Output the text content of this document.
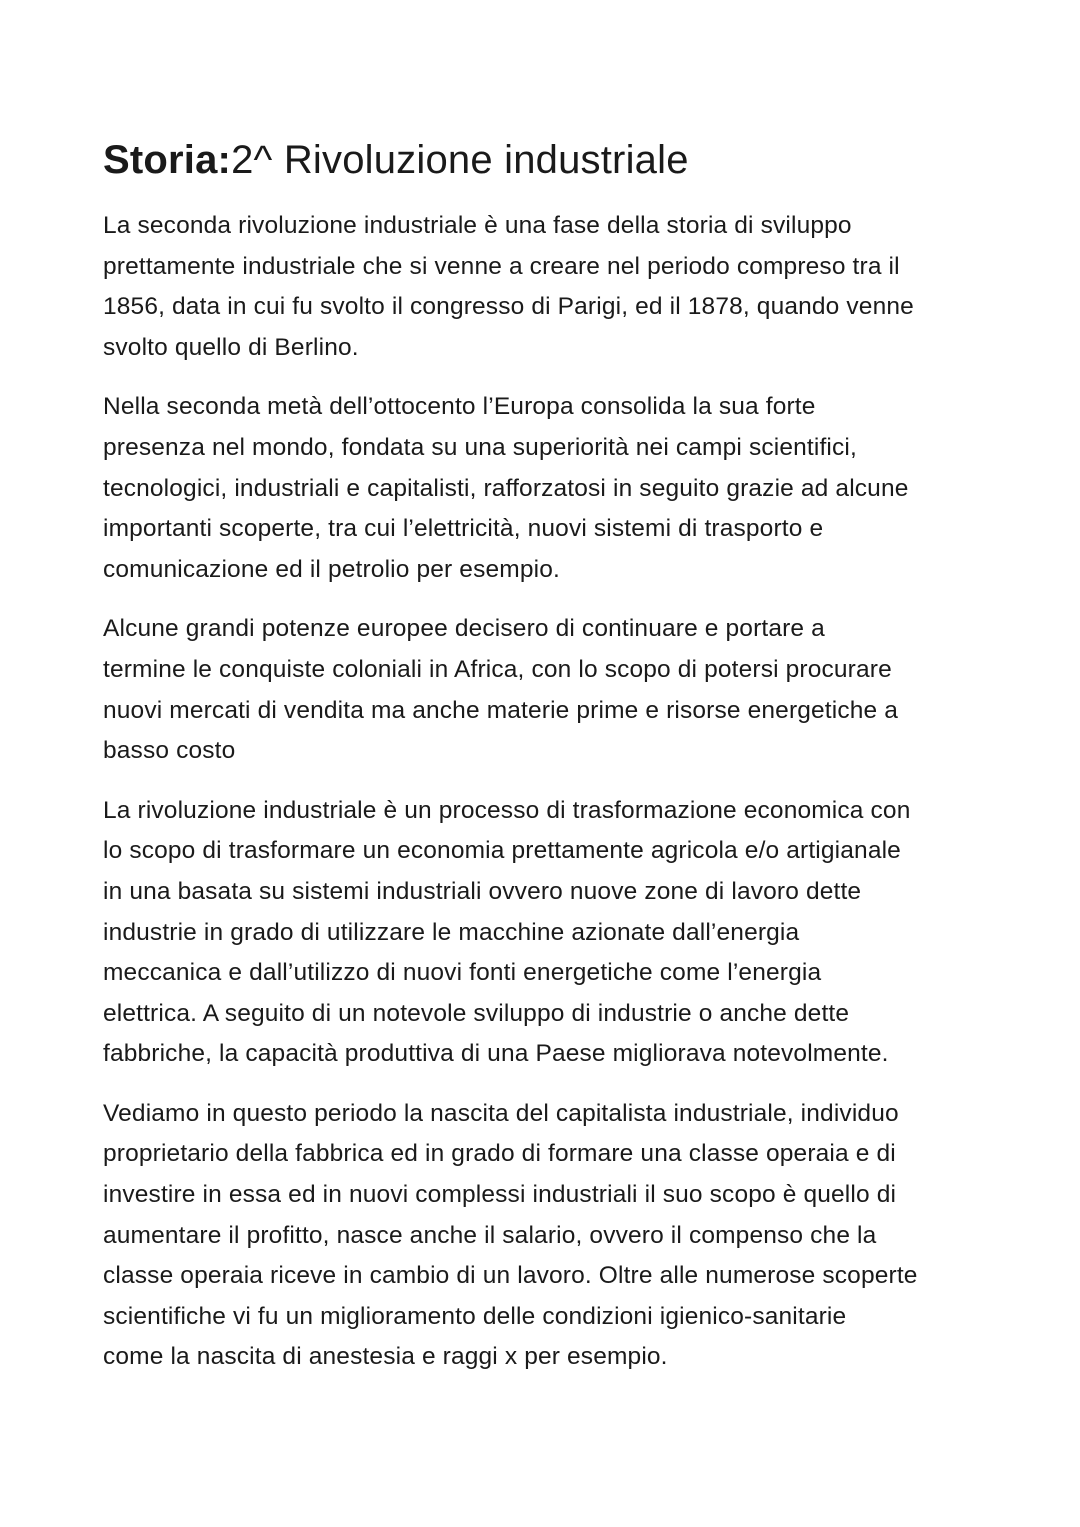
Storia:2^ Rivoluzione industriale

La seconda rivoluzione industriale è una fase della storia di sviluppo
prettamente industriale che si venne a creare nel periodo compreso tra il
1856, data in cui fu svolto il congresso di Parigi, ed il 1878, quando venne
svolto quello di Berlino.

Nella seconda metà dell’ottocento l’Europa consolida la sua forte
presenza nel mondo, fondata su una superiorità nei campi scientifici,
tecnologici, industriali e capitalisti, rafforzatosi in seguito grazie ad alcune
importanti scoperte, tra cui l’elettricità, nuovi sistemi di trasporto e
comunicazione ed il petrolio per esempio.

Alcune grandi potenze europee decisero di continuare e portare a
termine le conquiste coloniali in Africa, con lo scopo di potersi procurare
nuovi mercati di vendita ma anche materie prime e risorse energetiche a
basso costo

La rivoluzione industriale è un processo di trasformazione economica con
lo scopo di trasformare un economia prettamente agricola e/o artigianale
in una basata su sistemi industriali ovvero nuove zone di lavoro dette
industrie in grado di utilizzare le macchine azionate dall’energia
meccanica e dall’utilizzo di nuovi fonti energetiche come l’energia
elettrica. A seguito di un notevole sviluppo di industrie o anche dette
fabbriche, la capacità produttiva di una Paese migliorava notevolmente.

Vediamo in questo periodo la nascita del capitalista industriale, individuo
proprietario della fabbrica ed in grado di formare una classe operaia e di
investire in essa ed in nuovi complessi industriali il suo scopo è quello di
aumentare il profitto, nasce anche il salario, ovvero il compenso che la
classe operaia riceve in cambio di un lavoro. Oltre alle numerose scoperte
scientifiche vi fu un miglioramento delle condizioni igienico-sanitarie
come la nascita di anestesia e raggi x per esempio.
